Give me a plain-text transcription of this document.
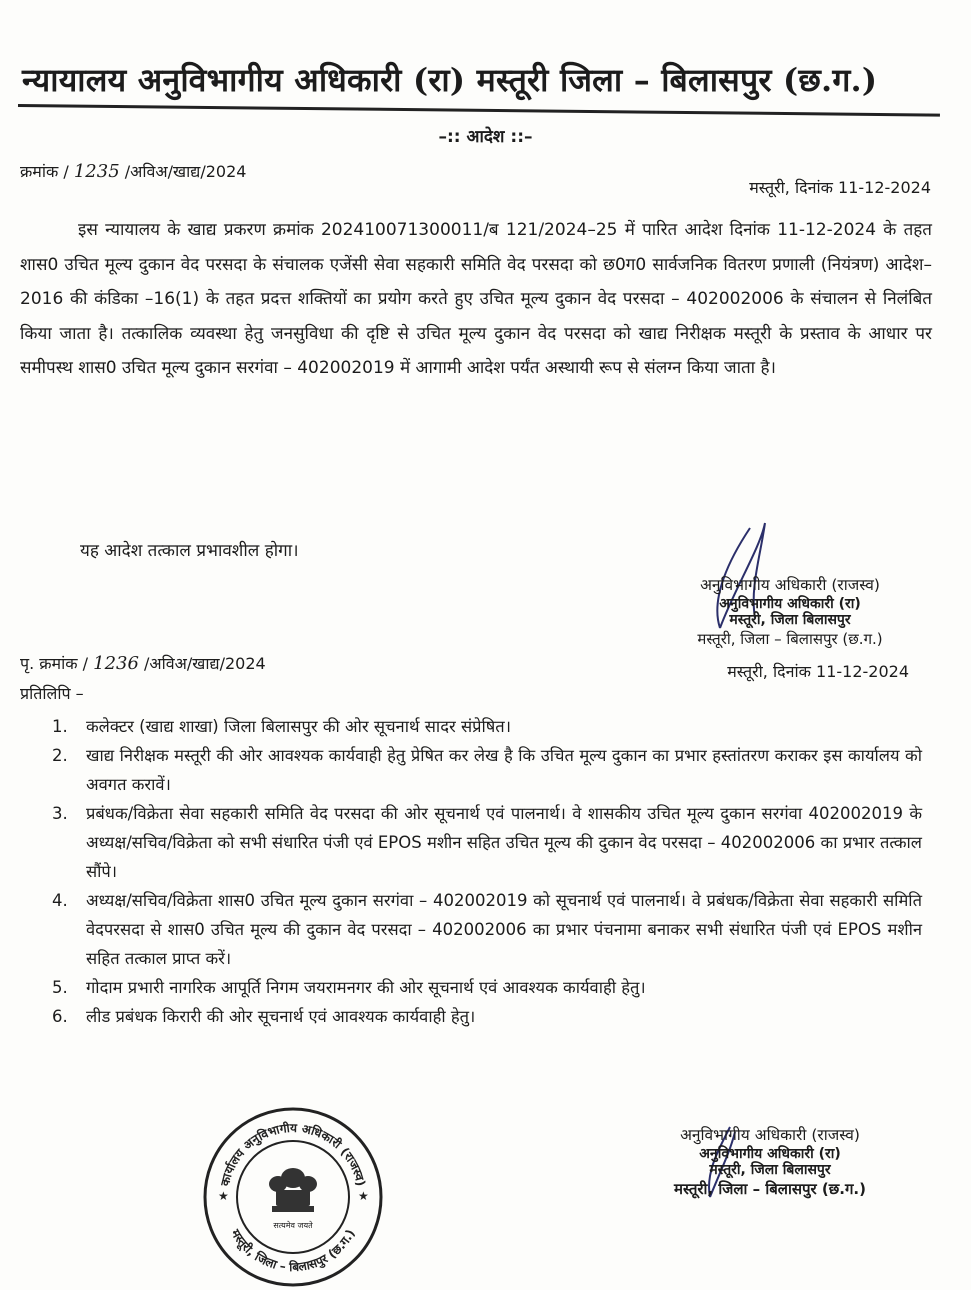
न्यायालय अनुविभागीय अधिकारी (रा) मस्तूरी जिला – बिलासपुर (छ.ग.)
–:: आदेश ::–
क्रमांक / 1235 /अविअ/खाद्य/2024
मस्तूरी, दिनांक 11-12-2024

इस न्यायालय के खाद्य प्रकरण क्रमांक 202410071300011/ब 121/2024–25 में पारित आदेश दिनांक 11-12-2024 के तहत शास0 उचित मूल्य दुकान वेद परसदा के संचालक एजेंसी सेवा सहकारी समिति वेद परसदा को छ0ग0 सार्वजनिक वितरण प्रणाली (नियंत्रण) आदेश–2016 की कंडिका –16(1) के तहत प्रदत्त शक्तियों का प्रयोग करते हुए उचित मूल्य दुकान वेद परसदा – 402002006 के संचालन से निलंबित किया जाता है। तत्कालिक व्यवस्था हेतु जनसुविधा की दृष्टि से उचित मूल्य दुकान वेद परसदा को खाद्य निरीक्षक मस्तूरी के प्रस्ताव के आधार पर समीपस्थ शास0 उचित मूल्य दुकान सरगंवा – 402002019 में आगामी आदेश पर्यंत अस्थायी रूप से संलग्न किया जाता है।

यह आदेश तत्काल प्रभावशील होगा।
अनुविभागीय अधिकारी (राजस्व)
अनुविभागीय अधिकारी (रा)
मस्तूरी, जिला बिलासपुर
मस्तूरी, जिला – बिलासपुर (छ.ग.)
पृ. क्रमांक / 1236 /अविअ/खाद्य/2024	मस्तूरी, दिनांक 11-12-2024
प्रतिलिपि –
1.	कलेक्टर (खाद्य शाखा) जिला बिलासपुर की ओर सूचनार्थ सादर संप्रेषित।
2.	खाद्य निरीक्षक मस्तूरी की ओर आवश्यक कार्यवाही हेतु प्रेषित कर लेख है कि उचित मूल्य दुकान का प्रभार हस्तांतरण कराकर इस कार्यालय को अवगत करावें।
3.	प्रबंधक/विक्रेता सेवा सहकारी समिति वेद परसदा की ओर सूचनार्थ एवं पालनार्थ। वे शासकीय उचित मूल्य दुकान सरगंवा 402002019 के अध्यक्ष/सचिव/विक्रेता को सभी संधारित पंजी एवं EPOS मशीन सहित उचित मूल्य की दुकान वेद परसदा – 402002006 का प्रभार तत्काल सौंपे।
4.	अध्यक्ष/सचिव/विक्रेता शास0 उचित मूल्य दुकान सरगंवा – 402002019 को सूचनार्थ एवं पालनार्थ। वे प्रबंधक/विक्रेता सेवा सहकारी समिति वेदपरसदा से शास0 उचित मूल्य की दुकान वेद परसदा – 402002006 का प्रभार पंचनामा बनाकर सभी संधारित पंजी एवं EPOS मशीन सहित तत्काल प्राप्त करें।
5.	गोदाम प्रभारी नागरिक आपूर्ति निगम जयरामनगर की ओर सूचनार्थ एवं आवश्यक कार्यवाही हेतु।
6.	लीड प्रबंधक किरारी की ओर सूचनार्थ एवं आवश्यक कार्यवाही हेतु।
कार्यालय अनुविभागीय अधिकारी (राजस्व)
मस्तूरी, जिला – बिलासपुर (छ.ग.)
सत्यमेव जयते
★	★
अनुविभागीय अधिकारी (राजस्व)
अनुविभागीय अधिकारी (रा)
मस्तूरी, जिला बिलासपुर
मस्तूरी, जिला – बिलासपुर (छ.ग.)
